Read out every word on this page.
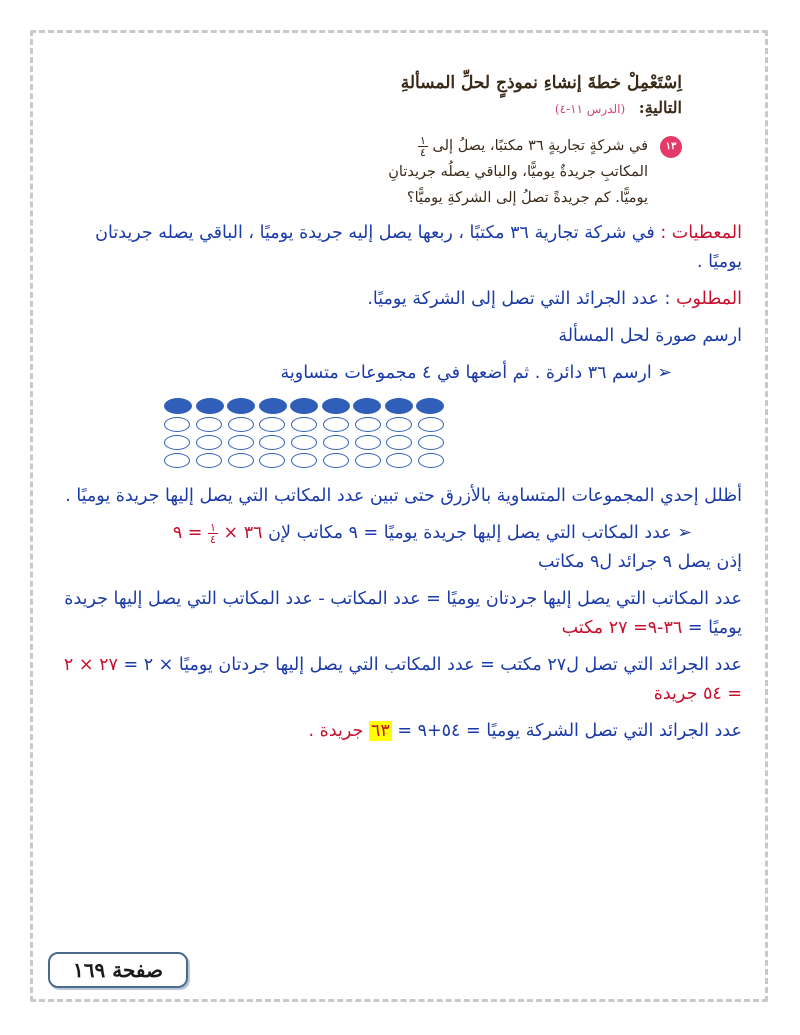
اِسْتَعْمِلْ خطةَ إنشاءِ نموذجٍ لحلِّ المسألةِ
التاليةِ: (الدرس ١١-٤)
١٣
في شركةٍ تجاريةٍ ٣٦ مكتبًا، يصلُ إلى
$\frac{١}{٤}$
المكاتبِ جريدةٌ يوميًّا، والباقي يصلُه جريدتانِ
يوميًّا. كم جريدةً تصلُ إلى الشركةِ يوميًّا؟

المعطيات : في شركة تجارية ٣٦ مكتبًا ، ربعها يصل إليه جريدة يوميًا ، الباقي يصله جريدتان يوميًا .

المطلوب : عدد الجرائد التي تصل إلى الشركة يوميًا.

ارسم صورة لحل المسألة

➢ ارسم ٣٦ دائرة . ثم أضعها في ٤ مجموعات متساوية

أظلل إحدي المجموعات المتساوية بالأزرق حتى تبين عدد المكاتب التي يصل إليها جريدة يوميًا .

➢ عدد المكاتب التي يصل إليها جريدة يوميًا = ٩ مكاتب لإن ٣٦ ×
$\frac{١}{٤}$
= ٩

إذن يصل ٩ جرائد ل٩ مكاتب

عدد المكاتب التي يصل إليها جردتان يوميًا = عدد المكاتب - عدد المكاتب التي يصل إليها جريدة يوميًا = ٣٦-٩= ٢٧ مكتب

عدد الجرائد التي تصل ل٢٧ مكتب = عدد المكاتب التي يصل إليها جردتان يوميًا × ٢ = ٢٧ × ٢ = ٥٤ جريدة

عدد الجرائد التي تصل الشركة يوميًا = ٥٤+٩ = ٦٣ جريدة .

صفحة ١٦٩
